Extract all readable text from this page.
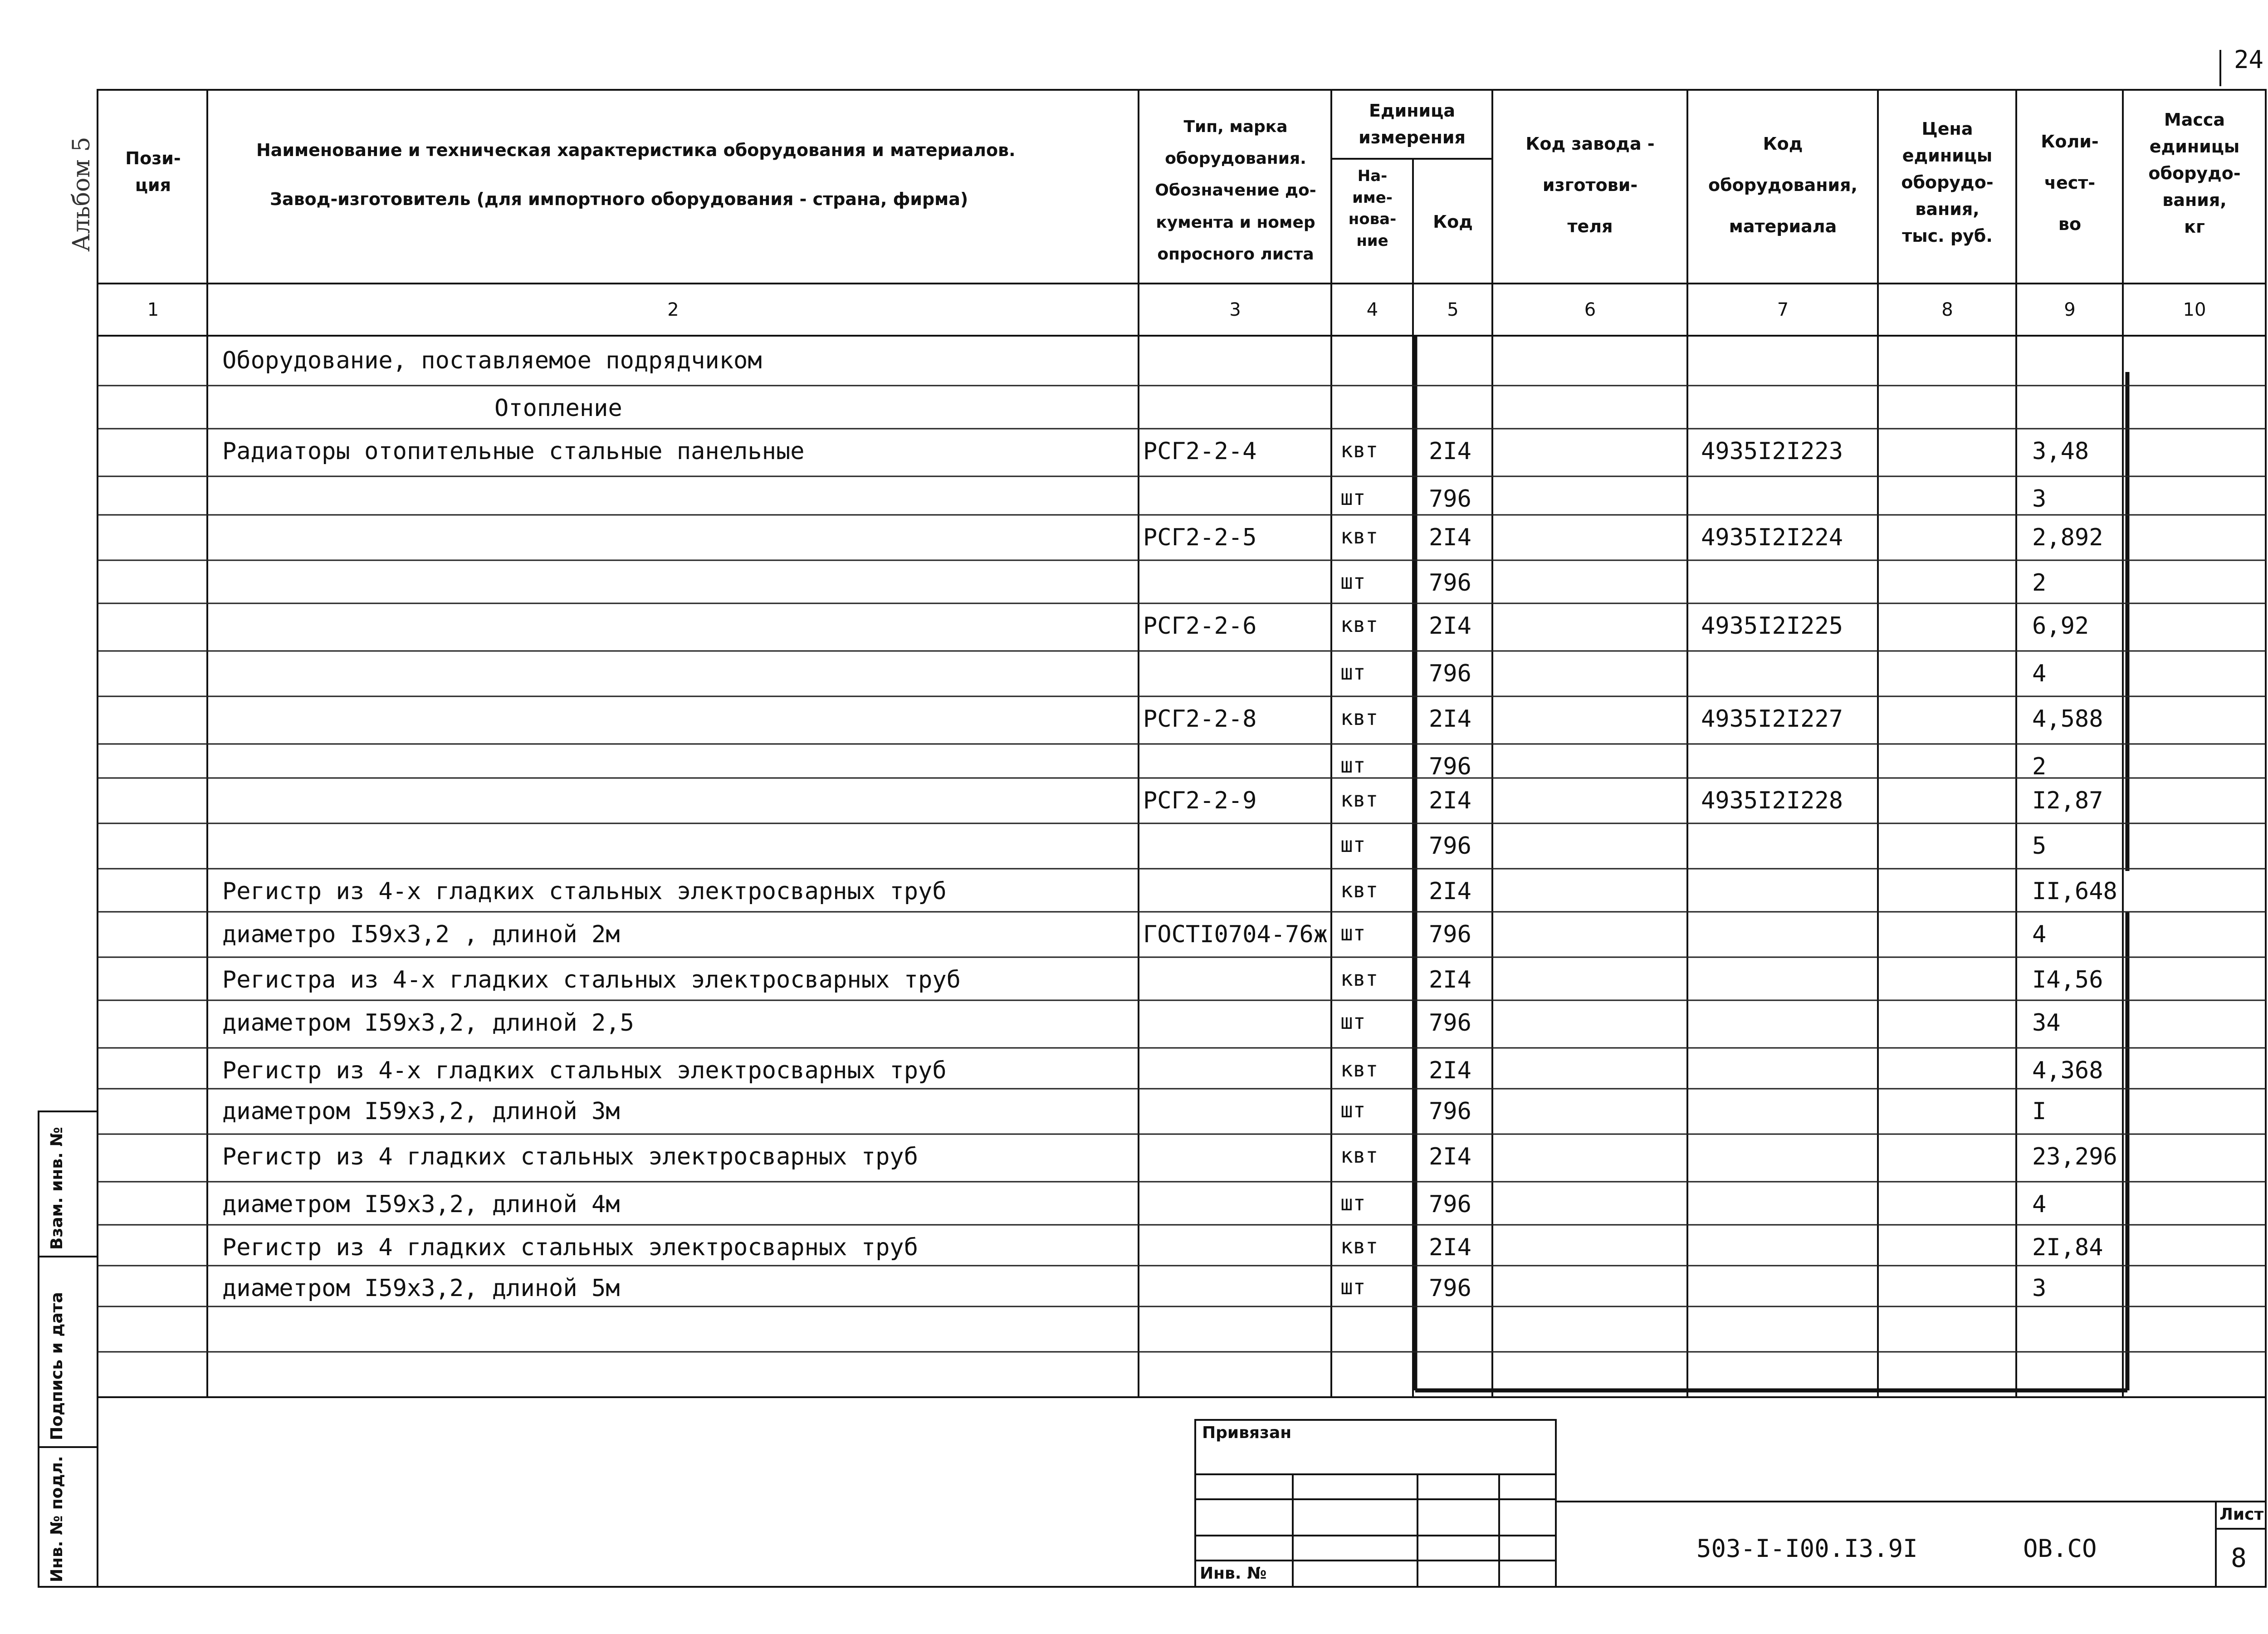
24
Альбом 5	Пози-
ция
Наименование и техническая характеристика оборудования и материалов.
Завод-изготовитель (для импортного оборудования - страна, фирма)
Тип, марка
оборудования.
Обозначение до-
кумента и номер
опросного листа
Единица
измерения
На-
име-
нова-
ние
Код
Код завода -

изготови-

теля
Код

оборудования,

материала
Цена
единицы
оборудо-
вания,
тыс. руб.
Коли-

чест-

во
Масса
единицы
оборудо-
вания,
кг
1	2	3	4	5	6	7	8	9	10
Оборудование, поставляемое подрядчиком
Отопление
Радиаторы отопительные стальные панельные	РСГ2-2-4	квт 2I4	4935I2I223	3,48
шт	796	3
РСГ2-2-5	квт 2I4	4935I2I224	2,892
шт	796	2
РСГ2-2-6	квт 2I4	4935I2I225	6,92
шт	796	4
РСГ2-2-8	квт 2I4	4935I2I227	4,588
шт	796	2
РСГ2-2-9	квт 2I4	4935I2I228	I2,87
шт	796	5
Регистр из 4-х гладких стальных электросварных труб	квт 2I4	II,648
диаметро I59х3,2 , длиной 2м	ГОСТI0704-76ж шт	796	4
Регистра из 4-х гладких стальных электросварных труб	квт 2I4	I4,56
диаметром I59х3,2, длиной 2,5	шт	796	34
Регистр из 4-х гладких стальных электросварных труб	квт 2I4	4,368
диаметром I59х3,2, длиной 3м	шт	796	I
Регистр из 4 гладких стальных электросварных труб	квт 2I4	23,296
диаметром I59х3,2, длиной 4м	шт	796	4
Регистр из 4 гладких стальных электросварных труб	квт 2I4	2I,84
диаметром I59х3,2, длиной 5м	шт	796	3
Взам. инв. №
Подпись и дата
Инв. № подл.
Привязан
Инв. №
503-I-I00.I3.9I	ОВ.СО
Лист
8
